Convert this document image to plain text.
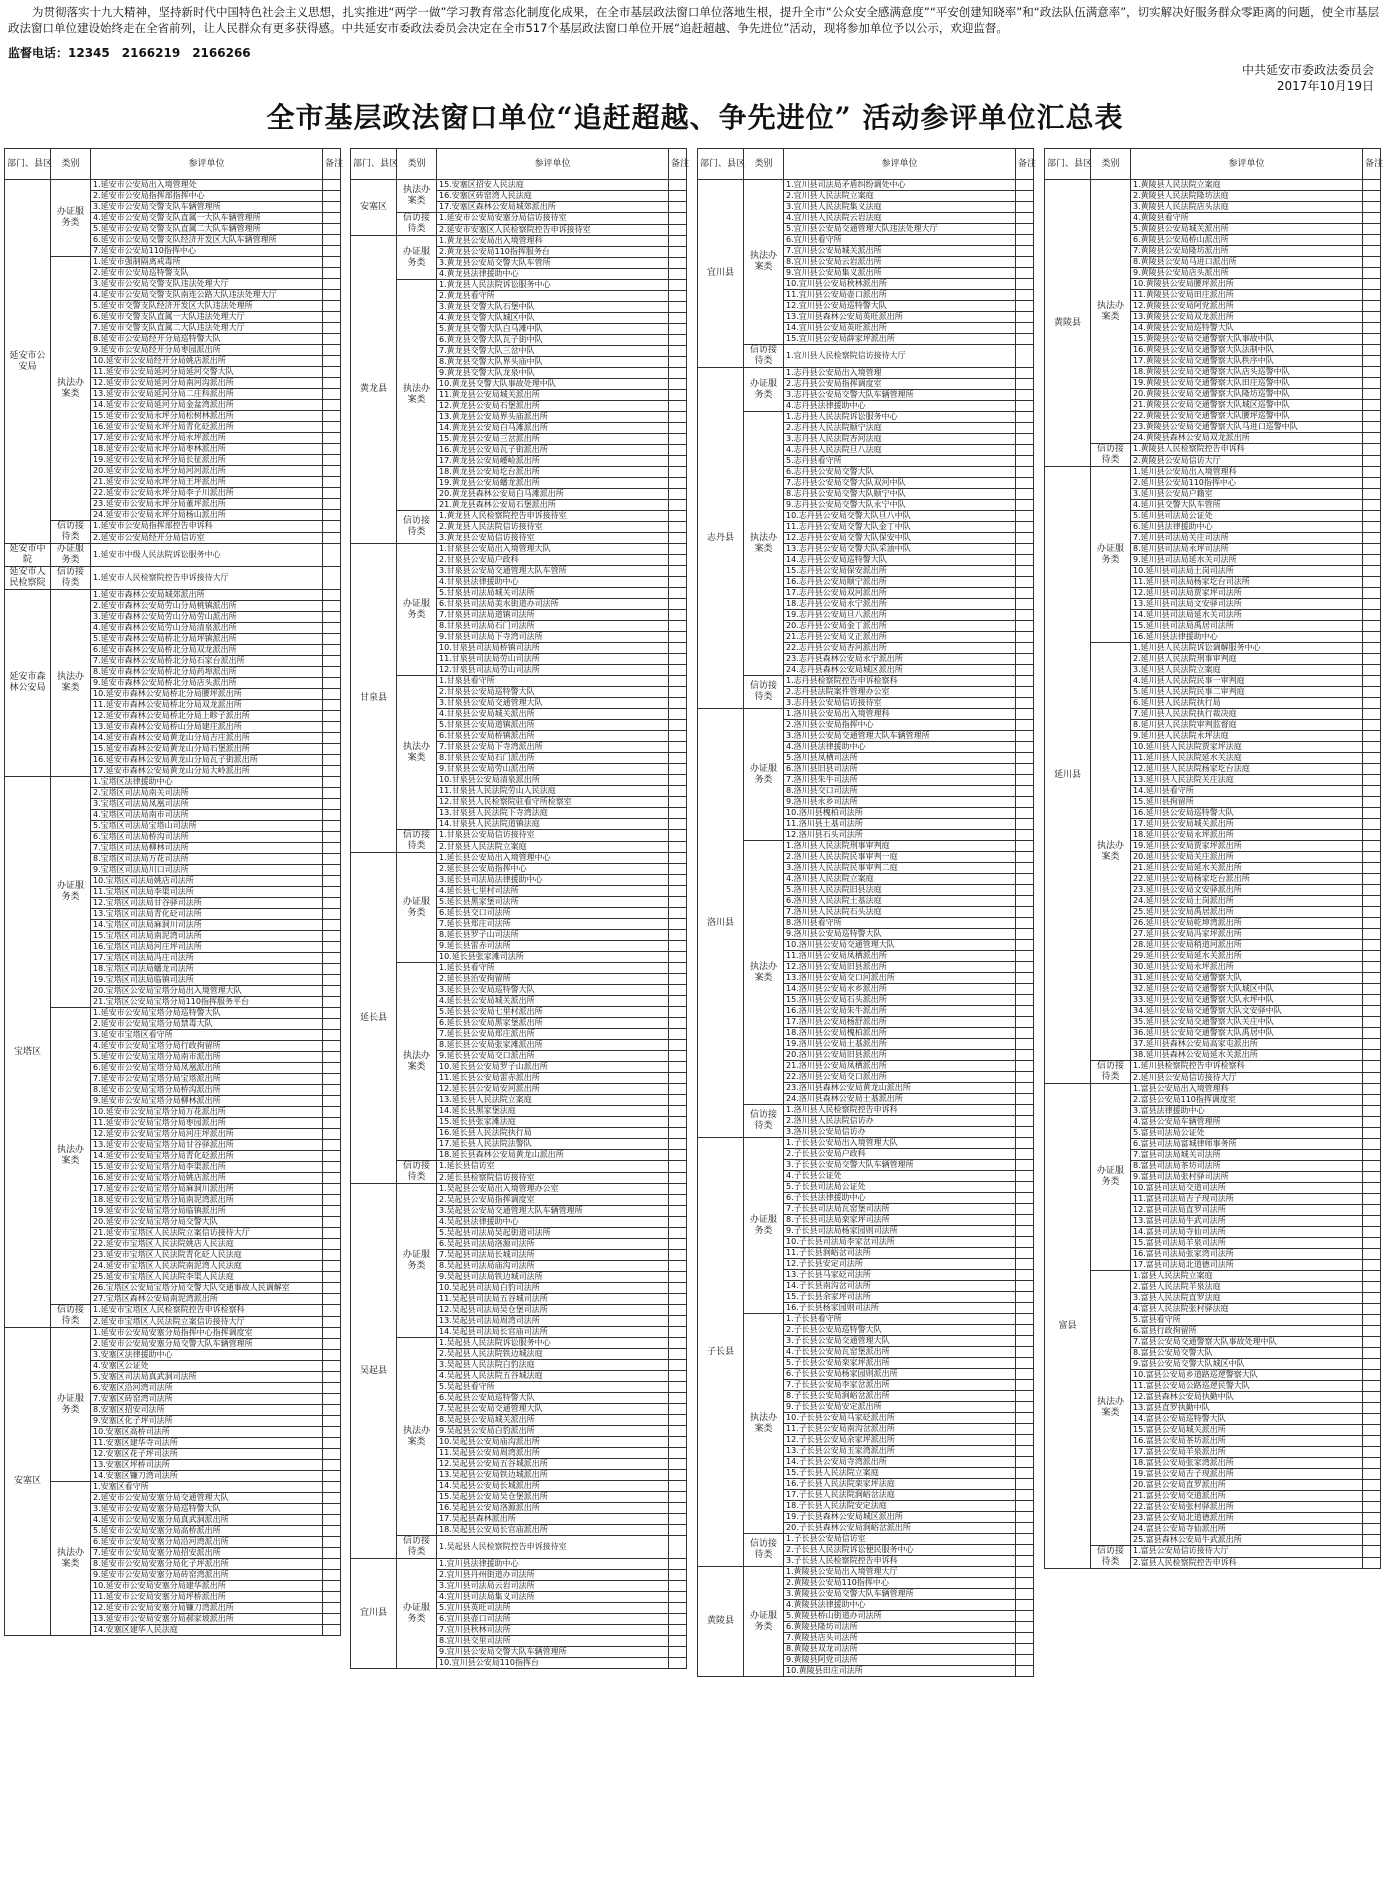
为贯彻落实十九大精神，坚持新时代中国特色社会主义思想，扎实推进“两学一做”学习教育常态化制度化成果，在全市基层政法窗口单位落地生根，提升全市“公众安全感满意度”“平安创建知晓率”和“政法队伍满意率”，切实解决好服务群众零距离的问题，使全市基层政法窗口单位建设始终走在全省前列，让人民群众有更多获得感。中共延安市委政法委员会决定在全市517个基层政法窗口单位开展“追赶超越、争先进位”活动，现将参加单位予以公示，欢迎监督。

监督电话：12345　2166219　2166266
中共延安市委政法委员会
2017年10月19日
全市基层政法窗口单位“追赶超越、争先进位” 活动参评单位汇总表
部门、县区	类别	参评单位	备注
延安市公安局	办证服务类	1.延安市公安局出入境管理处	
		2.延安市公安局指挥部指挥中心	
		3.延安市公安局交警支队车辆管理所	
		4.延安市公安局交警支队直属一大队车辆管理所	
		5.延安市公安局交警支队直属二大队车辆管理所	
		6.延安市公安局交警支队经济开发区大队车辆管理所	
		7.延安市公安局110指挥中心	
	执法办案类	1.延安市强制隔离戒毒所	
		2.延安市公安局巡特警支队	
		3.延安市公安局交警支队违法处理大厅	
		4.延安市公安局交警支队南连公路大队违法处理大厅	
		5.延安市交警支队经济开发区大队违法处理所	
		6.延安市交警支队直属一大队违法处理大厅	
		7.延安市交警支队直属二大队违法处理大厅	
		8.延安市公安局经开分局巡特警大队	
		9.延安市公安局经开分局枣园派出所	
		10.延安市公安局经开分局姚店派出所	
		11.延安市公安局延河分局延河交警大队	
		12.延安市公安局延河分局南河沟派出所	
		13.延安市公安局延河分局二庄科派出所	
		14.延安市公安局延河分局金盆湾派出所	
		15.延安市公安局永坪分局松树林派出所	
		16.延安市公安局永坪分局青化砭派出所	
		17.延安市公安局永坪分局永坪派出所	
		18.延安市公安局永坪分局枣林派出所	
		19.延安市公安局永坪分局长征派出所	
		20.延安市公安局永坪分局河河派出所	
		21.延安市公安局永坪分局王坪派出所	
		22.延安市公安局永坪分局李子川派出所	
		23.延安市公安局永坪分局董坪派出所	
		24.延安市公安局永坪分局杨山派出所	
	信访接待类	1.延安市公安局指挥部控告申诉科	
		2.延安市公安局经开分局信访室	
延安市中院	办证服务类	1.延安市中级人民法院诉讼服务中心	
延安市人民检察院	信访接待类	1.延安市人民检察院控告申诉接待大厅	
延安市森林公安局	执法办案类	1.延安市森林公安局城郊派出所	
		2.延安市森林公安局劳山分局桃镇派出所	
		3.延安市森林公安局劳山分局劳山派出所	
		4.延安市森林公安局劳山分局清泉派出所	
		5.延安市森林公安局桥北分局坪镇派出所	
		6.延安市森林公安局桥北分局双龙派出所	
		7.延安市森林公安局桥北分局石家台派出所	
		8.延安市森林公安局桥北分局药埠派出所	
		9.延安市森林公安局桥北分局店头派出所	
		10.延安市森林公安局桥北分局腰坪派出所	
		11.延安市森林公安局桥北分局双龙派出所	
		12.延安市森林公安局桥北分局上畛子派出所	
		13.延安市森林公安局桥山分局建庄派出所	
		14.延安市森林公安局黄龙山分局吉庄派出所	
		15.延安市森林公安局黄龙山分局石堡派出所	
		16.延安市森林公安局黄龙山分局瓦子街派出所	
		17.延安市森林公安局黄龙山分局大岭派出所	
宝塔区	办证服务类	1.宝塔区法律援助中心	
		2.宝塔区司法局南关司法所	
		3.宝塔区司法局凤凰司法所	
		4.宝塔区司法局南市司法所	
		5.宝塔区司法局宝塔山司法所	
		6.宝塔区司法局桥沟司法所	
		7.宝塔区司法局柳林司法所	
		8.宝塔区司法局万花司法所	
		9.宝塔区司法局川口司法所	
		10.宝塔区司法局姚店司法所	
		11.宝塔区司法局李渠司法所	
		12.宝塔区司法局甘谷驿司法所	
		13.宝塔区司法局青化砭司法所	
		14.宝塔区司法局麻洞川司法所	
		15.宝塔区司法局南泥湾司法所	
		16.宝塔区司法局河庄坪司法所	
		17.宝塔区司法局冯庄司法所	
		18.宝塔区司法局蟠龙司法所	
		19.宝塔区司法局临镇司法所	
		20.宝塔区公安局宝塔分局出入境管理大队	
		21.宝塔区公安局宝塔分局110指挥服务平台	
	执法办案类	1.延安市公安局宝塔分局巡特警大队	
		2.延安市公安局宝塔分局禁毒大队	
		3.延安市宝塔区看守所	
		4.延安市公安局宝塔分局行政拘留所	
		5.延安市公安局宝塔分局南市派出所	
		6.延安市公安局宝塔分局凤凰派出所	
		7.延安市公安局宝塔分局宝塔派出所	
		8.延安市公安局宝塔分局桥沟派出所	
		9.延安市公安局宝塔分局柳林派出所	
		10.延安市公安局宝塔分局万花派出所	
		11.延安市公安局宝塔分局枣园派出所	
		12.延安市公安局宝塔分局河庄坪派出所	
		13.延安市公安局宝塔分局甘谷驿派出所	
		14.延安市公安局宝塔分局青化砭派出所	
		15.延安市公安局宝塔分局李渠派出所	
		16.延安市公安局宝塔分局姚店派出所	
		17.延安市公安局宝塔分局麻洞川派出所	
		18.延安市公安局宝塔分局南泥湾派出所	
		19.延安市公安局宝塔分局临镇派出所	
		20.延安市公安局宝塔分局交警大队	
		21.延安市宝塔区人民法院立案信访接待大厅	
		22.延安市宝塔区人民法院姚店人民法庭	
		23.延安市宝塔区人民法院青化砭人民法庭	
		24.延安市宝塔区人民法院南泥湾人民法庭	
		25.延安市宝塔区人民法院李渠人民法庭	
		26.宝塔区公安局宝塔分局交警大队交通事故人民调解室	
		27.宝塔区森林公安局南泥湾派出所	
	信访接待类	1.延安市宝塔区人民检察院控告申诉检察科	
		2.延安市宝塔区人民法院立案信访接待大厅	
安塞区	办证服务类	1.延安市公安局安塞分局指挥中心指挥调度室	
		2.延安市公安局安塞分局交警大队车辆管理所	
		3.安塞区法律援助中心	
		4.安塞区公证处	
		5.安塞区司法局真武洞司法所	
		6.安塞区沿河湾司法所	
		7.安塞区砖窑湾司法所	
		8.安塞区招安司法所	
		9.安塞区化子坪司法所	
		10.安塞区高桥司法所	
		11.安塞区建华寺司法所	
		12.安塞区花子坪司法所	
		13.安塞区坪桥司法所	
		14.安塞区镰刀湾司法所	
	执法办案类	1.安塞区看守所	
		2.延安市公安局安塞分局交通管理大队	
		3.延安市公安局安塞分局巡特警大队	
		4.延安市公安局安塞分局真武洞派出所	
		5.延安市公安局安塞分局高桥派出所	
		6.延安市公安局安塞分局沿河湾派出所	
		7.延安市公安局安塞分局招安派出所	
		8.延安市公安局安塞分局化子坪派出所	
		9.延安市公安局安塞分局砖窑湾派出所	
		10.延安市公安局安塞分局建华派出所	
		11.延安市公安局安塞分局坪桥派出所	
		12.延安市公安局安塞分局镰刀湾派出所	
		13.延安市公安局安塞分局郝家坡派出所	
		14.安塞区建华人民法庭	
部门、县区	类别	参评单位	备注
安塞区	执法办案类	15.安塞区招安人民法庭	
		16.安塞区砖窑湾人民法庭	
		17.安塞区森林公安局城郊派出所	
	信访接待类	1.延安市公安局安塞分局信访接待室	
		2.延安市安塞区人民检察院控告申诉接待室	
黄龙县	办证服务类	1.黄龙县公安局出入境管理科	
		2.黄龙县公安局110指挥服务台	
		3.黄龙县公安局交警大队车管所	
		4.黄龙县法律援助中心	
	执法办案类	1.黄龙县人民法院诉讼服务中心	
		2.黄龙县看守所	
		3.黄龙县交警大队石堡中队	
		4.黄龙县交警大队城区中队	
		5.黄龙县交警大队白马滩中队	
		6.黄龙县交警大队瓦子街中队	
		7.黄龙县交警大队三岔中队	
		8.黄龙县交警大队界头庙中队	
		9.黄龙县交警大队龙泉中队	
		10.黄龙县交警大队事故处理中队	
		11.黄龙县公安局城关派出所	
		12.黄龙县公安局石堡派出所	
		13.黄龙县公安局界头庙派出所	
		14.黄龙县公安局白马滩派出所	
		15.黄龙县公安局三岔派出所	
		16.黄龙县公安局瓦子街派出所	
		17.黄龙县公安局崾崄派出所	
		18.黄龙县公安局圪台派出所	
		19.黄龙县公安局蟠龙派出所	
		20.黄龙县森林公安局白马滩派出所	
		21.黄龙县森林公安局石堡派出所	
	信访接待类	1.黄龙县人民检察院控告申诉接待室	
		2.黄龙县人民法院信访接待室	
		3.黄龙县公安局信访接待室	
甘泉县	办证服务类	1.甘泉县公安局出入境管理大队	
		2.甘泉县公安局户政科	
		3.甘泉县公安局交通管理大队车管所	
		4.甘泉县法律援助中心	
		5.甘泉县司法局城关司法所	
		6.甘泉县司法局美水街道办司法所	
		7.甘泉县司法局道镇司法所	
		8.甘泉县司法局石门司法所	
		9.甘泉县司法局下寺湾司法所	
		10.甘泉县司法局桥镇司法所	
		11.甘泉县司法局劳山司法所	
		12.甘泉县司法局劳山司法所	
	执法办案类	1.甘泉县看守所	
		2.甘泉县公安局巡特警大队	
		3.甘泉县公安局交通管理大队	
		4.甘泉县公安局城关派出所	
		5.甘泉县公安局道镇派出所	
		6.甘泉县公安局桥镇派出所	
		7.甘泉县公安局下寺湾派出所	
		8.甘泉县公安局石门派出所	
		9.甘泉县公安局劳山派出所	
		10.甘泉县公安局清泉派出所	
		11.甘泉县人民法院劳山人民法庭	
		12.甘泉县人民检察院驻看守所检察室	
		13.甘泉县人民法院下寺湾法庭	
		14.甘泉县人民法院道镇法庭	
	信访接待类	1.甘泉县公安局信访接待室	
		2.甘泉县人民法院立案庭	
延长县	办证服务类	1.延长县公安局出入境管理中心	
		2.延长县公安局指挥中心	
		3.延长县司法局法律援助中心	
		4.延长县七里村司法所	
		5.延长县黑家堡司法所	
		6.延长县交口司法所	
		7.延长县郑庄司法所	
		8.延长县罗子山司法所	
		9.延长县雷赤司法所	
		10.延长县张家滩司法所	
	执法办案类	1.延长县看守所	
		2.延长县治安拘留所	
		3.延长县公安局巡特警大队	
		4.延长县公安局城关派出所	
		5.延长县公安局七里村派出所	
		6.延长县公安局黑家堡派出所	
		7.延长县公安局郑庄派出所	
		8.延长县公安局张家滩派出所	
		9.延长县公安局交口派出所	
		10.延长县公安局罗子山派出所	
		11.延长县公安局雷赤派出所	
		12.延长县公安局安河派出所	
		13.延长县人民法院立案庭	
		14.延长县黑家堡法庭	
		15.延长县张家滩法庭	
		16.延长县人民法院执行局	
		17.延长县人民法院法警队	
		18.延长县森林公安局黄龙山派出所	
	信访接待类	1.延长县信访室	
		2.延长县检察院信访接待室	
吴起县	办证服务类	1.吴起县公安局出入境管理办公室	
		2.吴起县公安局指挥调度室	
		3.吴起县公安局交通管理大队车辆管理所	
		4.吴起县法律援助中心	
		5.吴起县司法局吴起街道司法所	
		6.吴起县司法局洛源司法所	
		7.吴起县司法局长城司法所	
		8.吴起县司法局庙沟司法所	
		9.吴起县司法局铁边城司法所	
		10.吴起县司法局白豹司法所	
		11.吴起县司法局五谷城司法所	
		12.吴起县司法局吴仓堡司法所	
		13.吴起县司法局周湾司法所	
		14.吴起县司法局长官庙司法所	
	执法办案类	1.吴起县人民法院诉讼服务中心	
		2.吴起县人民法院铁边城法庭	
		3.吴起县人民法院白豹法庭	
		4.吴起县人民法院五谷城法庭	
		5.吴起县看守所	
		6.吴起县公安局巡特警大队	
		7.吴起县公安局交通管理大队	
		8.吴起县公安局城关派出所	
		9.吴起县公安局白豹派出所	
		10.吴起县公安局庙沟派出所	
		11.吴起县公安局周湾派出所	
		12.吴起县公安局五谷城派出所	
		13.吴起县公安局铁边城派出所	
		14.吴起县公安局长城派出所	
		15.吴起县公安局吴仓堡派出所	
		16.吴起县公安局洛源派出所	
		17.吴起县森林派出所	
		18.吴起县公安局长官庙派出所	
	信访接待类	1.吴起县人民检察院控告申诉接待室	
宜川县	办证服务类	1.宜川县法律援助中心	
		2.宜川县丹州街道办司法所	
		3.宜川县司法局云岩司法所	
		4.宜川县司法局集义司法所	
		5.宜川县英旺司法所	
		6.宜川县壶口司法所	
		7.宜川县秋林司法所	
		8.宜川县交里司法所	
		9.宜川县公安局交警大队车辆管理所	
		10.宜川县公安局110指挥台	
部门、县区	类别	参评单位	备注
宜川县	执法办案类	1.宜川县司法局矛盾纠纷调处中心	
		2.宜川县人民法院立案庭	
		3.宜川县人民法院集义法庭	
		4.宜川县人民法院云岩法庭	
		5.宜川县公安局交通管理大队违法处理大厅	
		6.宜川县看守所	
		7.宜川县公安局城关派出所	
		8.宜川县公安局云岩派出所	
		9.宜川县公安局集义派出所	
		10.宜川县公安局秋林派出所	
		11.宜川县公安局壶口派出所	
		12.宜川县公安局巡特警大队	
		13.宜川县森林公安局英旺派出所	
		14.宜川县公安局英旺派出所	
		15.宜川县公安局薛家坪派出所	
	信访接待类	1.宜川县人民检察院信访接待大厅	
志丹县	办证服务类	1.志丹县公安局出入境管理	
		2.志丹县公安局指挥调度室	
		3.志丹县公安局交警大队车辆管理所	
		4.志丹县法律援助中心	
	执法办案类	1.志丹县人民法院诉讼服务中心	
		2.志丹县人民法院顺宁法庭	
		3.志丹县人民法院杏河法庭	
		4.志丹县人民法院旦八法庭	
		5.志丹县看守所	
		6.志丹县公安局交警大队	
		7.志丹县公安局交警大队双河中队	
		8.志丹县公安局交警大队顺宁中队	
		9.志丹县公安局交警大队永宁中队	
		10.志丹县公安局交警大队旦八中队	
		11.志丹县公安局交警大队金丁中队	
		12.志丹县公安局交警大队保安中队	
		13.志丹县公安局交警大队采油中队	
		14.志丹县公安局巡特警大队	
		15.志丹县公安局保安派出所	
		16.志丹县公安局顺宁派出所	
		17.志丹县公安局双河派出所	
		18.志丹县公安局永宁派出所	
		19.志丹县公安局旦八派出所	
		20.志丹县公安局金丁派出所	
		21.志丹县公安局义正派出所	
		22.志丹县公安局杏河派出所	
		23.志丹县森林公安局永宁派出所	
		24.志丹县森林公安局城区派出所	
	信访接待类	1.志丹县检察院控告申诉检察科	
		2.志丹县法院案件管理办公室	
		3.志丹县公安局信访接待室	
洛川县	办证服务类	1.洛川县公安局出入境管理科	
		2.洛川县公安局指挥中心	
		3.洛川县公安局交通管理大队车辆管理所	
		4.洛川县法律援助中心	
		5.洛川县凤栖司法所	
		6.洛川县旧县司法所	
		7.洛川县朱牛司法所	
		8.洛川县交口司法所	
		9.洛川县永乡司法所	
		10.洛川县槐柏司法所	
		11.洛川县土基司法所	
		12.洛川县石头司法所	
	执法办案类	1.洛川县人民法院刑事审判庭	
		2.洛川县人民法院民事审判一庭	
		3.洛川县人民法院民事审判二庭	
		4.洛川县人民法院立案庭	
		5.洛川县人民法院旧县法庭	
		6.洛川县人民法院土基法庭	
		7.洛川县人民法院石头法庭	
		8.洛川县看守所	
		9.洛川县公安局巡特警大队	
		10.洛川县公安局交通管理大队	
		11.洛川县公安局凤栖派出所	
		12.洛川县公安局旧县派出所	
		13.洛川县公安局交口河派出所	
		14.洛川县公安局永乡派出所	
		15.洛川县公安局石头派出所	
		16.洛川县公安局朱牛派出所	
		17.洛川县公安局杨舒派出所	
		18.洛川县公安局槐柏派出所	
		19.洛川县公安局土基派出所	
		20.洛川县公安局旧县派出所	
		21.洛川县公安局凤栖派出所	
		22.洛川县公安局交口派出所	
		23.洛川县森林公安局黄龙山派出所	
		24.洛川县森林公安局土基派出所	
	信访接待类	1.洛川县人民检察院控告申诉科	
		2.洛川县人民法院信访办	
		3.洛川县公安局信访办	
子长县	办证服务类	1.子长县公安局出入境管理大队	
		2.子长县公安局户政科	
		3.子长县公安局交警大队车辆管理所	
		4.子长县公证处	
		5.子长县司法局公证处	
		6.子长县法律援助中心	
		7.子长县司法局瓦窑堡司法所	
		8.子长县司法局栾家坪司法所	
		9.子长县司法局杨家园则司法所	
		10.子长县司法局李家岔司法所	
		11.子长县涧峪岔司法所	
		12.子长县安定司法所	
		13.子长县马家砭司法所	
		14.子长县南沟岔司法所	
		15.子长县余家坪司法所	
		16.子长县杨家园则司法所	
	执法办案类	1.子长县看守所	
		2.子长县公安局巡特警大队	
		3.子长县公安局交通管理大队	
		4.子长县公安局瓦窑堡派出所	
		5.子长县公安局栾家坪派出所	
		6.子长县公安局杨家园则派出所	
		7.子长县公安局李家岔派出所	
		8.子长县公安局涧峪岔派出所	
		9.子长县公安局安定派出所	
		10.子长县公安局马家砭派出所	
		11.子长县公安局南沟岔派出所	
		12.子长县公安局余家坪派出所	
		13.子长县公安局玉家湾派出所	
		14.子长县公安局寺湾派出所	
		15.子长县人民法院立案庭	
		16.子长县人民法院栾家坪法庭	
		17.子长县人民法院涧峪岔法庭	
		18.子长县人民法院安定法庭	
		19.子长县森林公安局城区派出所	
		20.子长县森林公安局涧峪岔派出所	
	信访接待类	1.子长县公安局信访室	
		2.子长县人民法院诉讼便民服务中心	
		3.子长县人民检察院控告申诉科	
黄陵县	办证服务类	1.黄陵县公安局出入境管理大厅	
		2.黄陵县公安局110指挥中心	
		3.黄陵县公安局交警大队车辆管理所	
		4.黄陵县法律援助中心	
		5.黄陵县桥山街道办司法所	
		6.黄陵县隆坊司法所	
		7.黄陵县店头司法所	
		8.黄陵县双龙司法所	
		9.黄陵县阿党司法所	
		10.黄陵县田庄司法所	
部门、县区	类别	参评单位	备注
黄陵县	执法办案类	1.黄陵县人民法院立案庭	
		2.黄陵县人民法院隆坊法庭	
		3.黄陵县人民法院店头法庭	
		4.黄陵县看守所	
		5.黄陵县公安局城关派出所	
		6.黄陵县公安局桥山派出所	
		7.黄陵县公安局隆坊派出所	
		8.黄陵县公安局马进口派出所	
		9.黄陵县公安局店头派出所	
		10.黄陵县公安局腰坪派出所	
		11.黄陵县公安局田庄派出所	
		12.黄陵县公安局阿党派出所	
		13.黄陵县公安局双龙派出所	
		14.黄陵县公安局巡特警大队	
		15.黄陵县公安局交通警察大队事故中队	
		16.黄陵县公安局交通警察大队法制中队	
		17.黄陵县公安局交通警察大队秩序中队	
		18.黄陵县公安局交通警察大队店头巡警中队	
		19.黄陵县公安局交通警察大队田庄巡警中队	
		20.黄陵县公安局交通警察大队隆坊巡警中队	
		21.黄陵县公安局交通警察大队城区巡警中队	
		22.黄陵县公安局交通警察大队腰坪巡警中队	
		23.黄陵县公安局交通警察大队马进口巡警中队	
		24.黄陵县森林公安局双龙派出所	
	信访接待类	1.黄陵县人民检察院控告申诉科	
		2.黄陵县公安局信访大厅	
延川县	办证服务类	1.延川县公安局出入境管理科	
		2.延川县公安局110指挥中心	
		3.延川县公安局户籍室	
		4.延川县交警大队车管所	
		5.延川县司法局公证处	
		6.延川县法律援助中心	
		7.延川县司法局关庄司法所	
		8.延川县司法局永坪司法所	
		9.延川县司法局延水关司法所	
		10.延川县司法局土岗司法所	
		11.延川县司法局杨家圪台司法所	
		12.延川县司法局贾家坪司法所	
		13.延川县司法局文安驿司法所	
		14.延川县司法局延水关司法所	
		15.延川县司法局禹居司法所	
		16.延川县法律援助中心	
	执法办案类	1.延川县人民法院诉讼调解服务中心	
		2.延川县人民法院刑事审判庭	
		3.延川县人民法院立案庭	
		4.延川县人民法院民事一审判庭	
		5.延川县人民法院民事二审判庭	
		6.延川县人民法院执行局	
		7.延川县人民法院执行裁决庭	
		8.延川县人民法院审判监督庭	
		9.延川县人民法院永坪法庭	
		10.延川县人民法院贾家坪法庭	
		11.延川县人民法院延水关法庭	
		12.延川县人民法院杨家圪台法庭	
		13.延川县人民法院关庄法庭	
		14.延川县看守所	
		15.延川县拘留所	
		16.延川县公安局巡特警大队	
		17.延川县公安局城关派出所	
		18.延川县公安局永坪派出所	
		19.延川县公安局贾家坪派出所	
		20.延川县公安局关庄派出所	
		21.延川县公安局延水关派出所	
		22.延川县公安局杨家圪台派出所	
		23.延川县公安局文安驿派出所	
		24.延川县公安局土岗派出所	
		25.延川县公安局禹居派出所	
		26.延川县公安局乾坤湾派出所	
		27.延川县公安局冯家坪派出所	
		28.延川县公安局稍道河派出所	
		29.延川县公安局延水关派出所	
		30.延川县公安局永坪派出所	
		31.延川县公安局交通警察大队	
		32.延川县公安局交通警察大队城区中队	
		33.延川县公安局交通警察大队永坪中队	
		34.延川县公安局交通警察大队文安驿中队	
		35.延川县公安局交通警察大队关庄中队	
		36.延川县公安局交通警察大队禹居中队	
		37.延川县森林公安局高家屯派出所	
		38.延川县森林公安局延水关派出所	
	信访接待类	1.延川县检察院控告申诉检察科	
		2.延川县公安局信访接待大厅	
富县	办证服务类	1.富县公安局出入境管理科	
		2.富县公安局110指挥调度室	
		3.富县法律援助中心	
		4.富县公安局车辆管理所	
		5.富县司法局公证处	
		6.富县司法局富城律师事务所	
		7.富县司法局城关司法所	
		8.富县司法局茶坊司法所	
		9.富县司法局张村驿司法所	
		10.富县司法局交道司法所	
		11.富县司法局吉子现司法所	
		12.富县司法局直罗司法所	
		13.富县司法局牛武司法所	
		14.富县司法局寺仙司法所	
		15.富县司法局羊泉司法所	
		16.富县司法局张家湾司法所	
		17.富县司法局北道德司法所	
	执法办案类	1.富县人民法院立案庭	
		2.富县人民法院羊泉法庭	
		3.富县人民法院直罗法庭	
		4.富县人民法院张村驿法庭	
		5.富县看守所	
		6.富县行政拘留所	
		7.富县公安局交通警察大队事故处理中队	
		8.富县公安局交警大队	
		9.富县公安局交警大队城区中队	
		10.富县公安局乡道路巡逻警察大队	
		11.富县公安局公路巡逻民警大队	
		12.富县森林公安局执勤中队	
		13.富县直罗执勤中队	
		14.富县公安局巡特警大队	
		15.富县公安局城关派出所	
		16.富县公安局茶坊派出所	
		17.富县公安局羊泉派出所	
		18.富县公安局张家湾派出所	
		19.富县公安局吉子现派出所	
		20.富县公安局直罗派出所	
		21.富县公安局交道派出所	
		22.富县公安局张村驿派出所	
		23.富县公安局北道德派出所	
		24.富县公安局寺仙派出所	
		25.富县森林公安局牛武派出所	
	信访接待类	1.富县公安局信访接待大厅	
		2.富县人民检察院控告申诉科	
